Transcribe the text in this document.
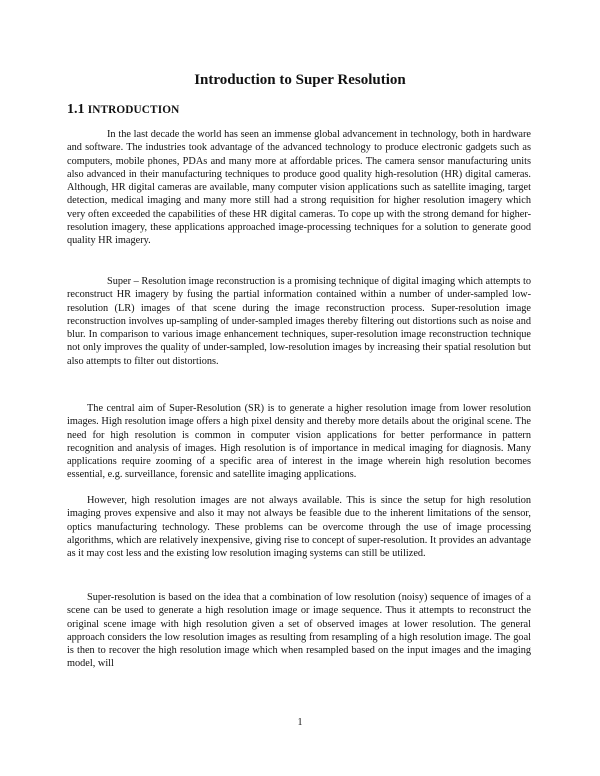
Introduction to Super Resolution
1.1 INTRODUCTION

In the last decade the world has seen an immense global advancement in technology, both in hardware and software. The industries took advantage of the advanced technology to produce electronic gadgets such as computers, mobile phones, PDAs and many more at affordable prices. The camera sensor manufacturing units also advanced in their manufacturing techniques to produce good quality high-resolution (HR) digital cameras. Although, HR digital cameras are available, many computer vision applications such as satellite imaging, target detection, medical imaging and many more still had a strong requisition for higher resolution imagery which very often exceeded the capabilities of these HR digital cameras. To cope up with the strong demand for higher-resolution imagery, these applications approached image-processing techniques for a solution to generate good quality HR imagery.

Super – Resolution image reconstruction is a promising technique of digital imaging which attempts to reconstruct HR imagery by fusing the partial information contained within a number of under-sampled low-resolution (LR) images of that scene during the image reconstruction process. Super-resolution image reconstruction involves up-sampling of under-sampled images thereby filtering out distortions such as noise and blur. In comparison to various image enhancement techniques, super-resolution image reconstruction technique not only improves the quality of under-sampled, low-resolution images by increasing their spatial resolution but also attempts to filter out distortions.

The central aim of Super-Resolution (SR) is to generate a higher resolution image from lower resolution images. High resolution image offers a high pixel density and thereby more details about the original scene. The need for high resolution is common in computer vision applications for better performance in pattern recognition and analysis of images. High resolution is of importance in medical imaging for diagnosis. Many applications require zooming of a specific area of interest in the image wherein high resolution becomes essential, e.g. surveillance, forensic and satellite imaging applications.

However, high resolution images are not always available. This is since the setup for high resolution imaging proves expensive and also it may not always be feasible due to the inherent limitations of the sensor, optics manufacturing technology. These problems can be overcome through the use of image processing algorithms, which are relatively inexpensive, giving rise to concept of super-resolution. It provides an advantage as it may cost less and the existing low resolution imaging systems can still be utilized.

Super-resolution is based on the idea that a combination of low resolution (noisy) sequence of images of a scene can be used to generate a high resolution image or image sequence. Thus it attempts to reconstruct the original scene image with high resolution given a set of observed images at lower resolution. The general approach considers the low resolution images as resulting from resampling of a high resolution image. The goal is then to recover the high resolution image which when resampled based on the input images and the imaging model, will

1
